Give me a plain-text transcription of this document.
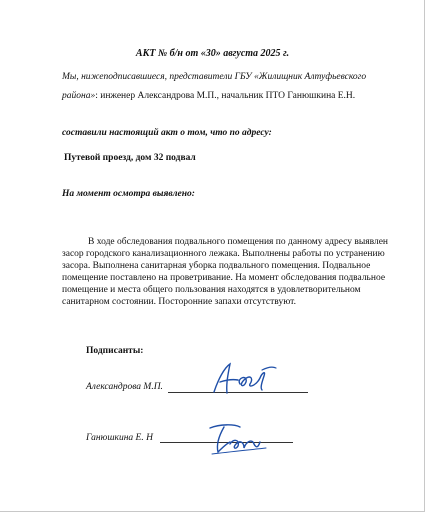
АКТ № б/н от «30» августа 2025 г.
Мы, нижеподписавшиеся, представители ГБУ «Жилищник Алтуфьевского
района»: инженер Александрова М.П., начальник ПТО Ганюшкина Е.Н.
составили настоящий акт о том, что по адресу:
Путевой проезд, дом 32 подвал
На момент осмотра выявлено:
В ходе обследования подвального помещения по данному адресу выявлен засор городского канализационного лежака. Выполнены работы по устранению засора. Выполнена санитарная уборка подвального помещения. Подвальное помещение поставлено на проветривание. На момент обследования подвальное помещение и места общего пользования находятся в удовлетворительном санитарном состоянии. Посторонние запахи отсутствуют.
Подписанты:
Александрова М.П.
Ганюшкина Е. Н
